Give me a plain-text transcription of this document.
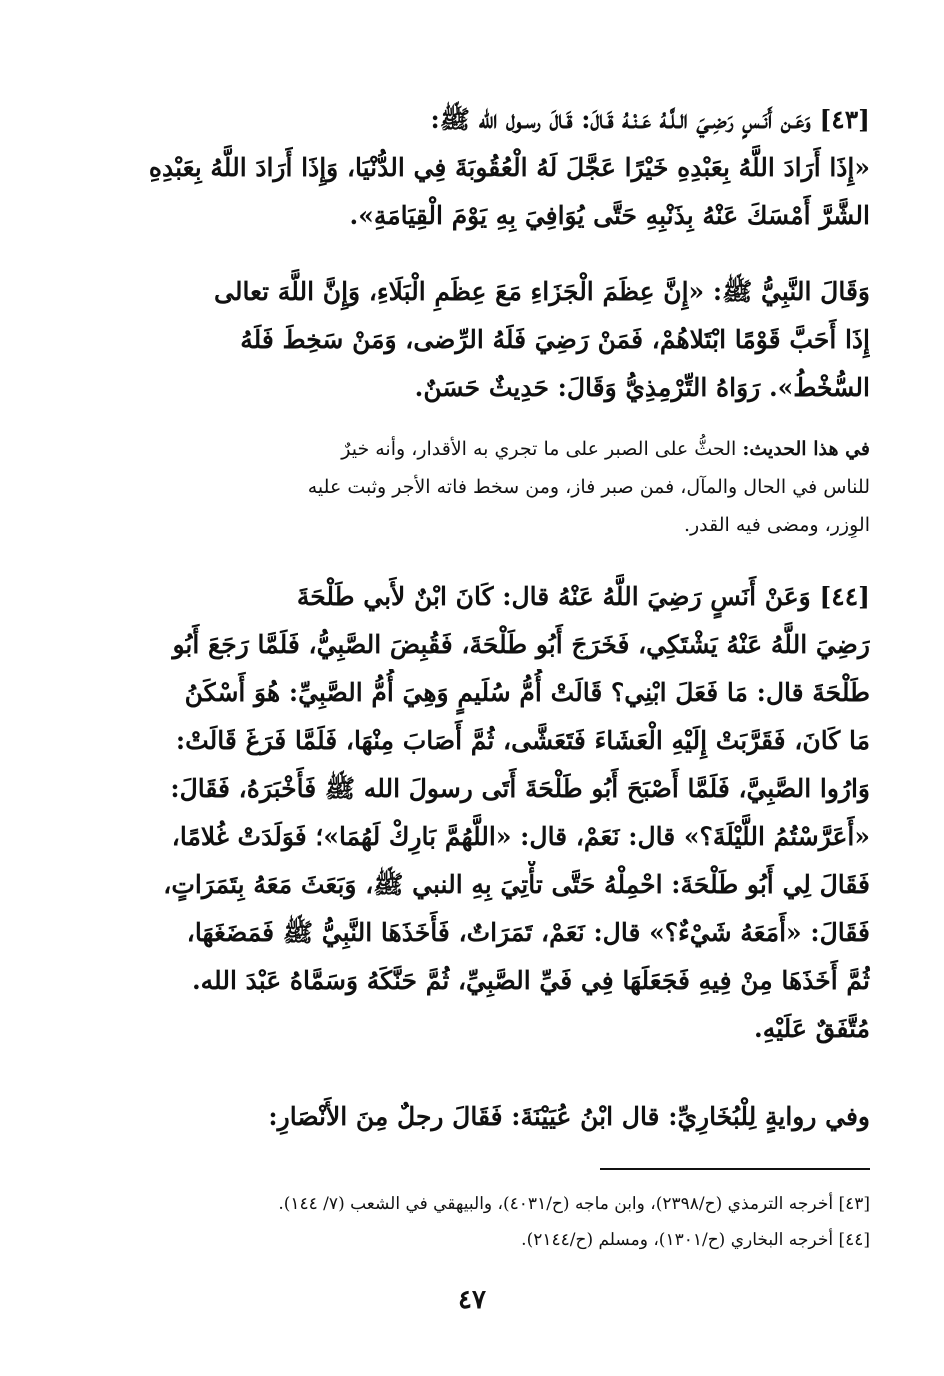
[٤٣] وَعَـن أَنَـسٍ رَضِـيَ الـلَّـهُ عَـنْـهُ قَـالَ: قَـالَ رسـول الله ﷺ:
«إِذَا أَرَادَ اللَّهُ بِعَبْدِهِ خَيْرًا عَجَّلَ لَهُ الْعُقُوبَةَ فِي الدُّنْيَا، وَإِذَا أَرَادَ اللَّهُ بِعَبْدِهِ
الشَّرَّ أَمْسَكَ عَنْهُ بِذَنْبِهِ حَتَّى يُوَافِيَ بِهِ يَوْمَ الْقِيَامَةِ».
وَقَالَ النَّبِيُّ ﷺ: «إِنَّ عِظَمَ الْجَزَاءِ مَعَ عِظَمِ الْبَلَاءِ، وَإِنَّ اللَّهَ تعالى
إِذَا أَحَبَّ قَوْمًا ابْتَلاهُمْ، فَمَنْ رَضِيَ فَلَهُ الرِّضى، وَمَنْ سَخِطَ فَلَهُ
السُّخْطُ». رَوَاهُ التِّرْمِذِيُّ وَقَالَ: حَدِيثٌ حَسَنٌ.
في هذا الحديث: الحثُّ على الصبر على ما تجري به الأقدار، وأنه خيرٌ
للناس في الحال والمآل، فمن صبر فاز، ومن سخط فاته الأجر وثبت عليه
الوِزر، ومضى فيه القدر.
[٤٤] وَعَنْ أَنَسٍ رَضِيَ اللَّهُ عَنْهُ قال: كَانَ ابْنٌ لأَبي طَلْحَةَ
رَضِيَ اللَّهُ عَنْهُ يَشْتَكِي، فَخَرَجَ أَبُو طَلْحَةَ، فَقُبِضَ الصَّبِيُّ، فَلَمَّا رَجَعَ أَبُو
طَلْحَةَ قال: مَا فَعَلَ ابْنِي؟ قَالَتْ أُمُّ سُلَيمٍ وَهِيَ أُمُّ الصَّبِيِّ: هُوَ أَسْكَنُ
مَا كَانَ، فَقَرَّبَتْ إِلَيْهِ الْعَشَاءَ فَتَعَشَّى، ثُمَّ أَصَابَ مِنْهَا، فَلَمَّا فَرَغَ قَالَتْ:
وَارُوا الصَّبِيَّ، فَلَمَّا أَصْبَحَ أَبُو طَلْحَةَ أَتَى رسولَ الله ﷺ فَأَخْبَرَهُ، فَقَالَ:
«أَعَرَّسْتُمُ اللَّيْلَةَ؟» قال: نَعَمْ، قال: «اللَّهُمَّ بَارِكْ لَهُمَا»؛ فَوَلَدَتْ غُلامًا،
فَقَالَ لِي أَبُو طَلْحَةَ: احْمِلْهُ حَتَّى تأْتِيَ بِهِ النبي ﷺ، وَبَعَثَ مَعَهُ بِتَمَرَاتٍ،
فَقَالَ: «أَمَعَهُ شَيْءٌ؟» قال: نَعَمْ، تَمَرَاتٌ، فَأَخَذَهَا النَّبِيُّ ﷺ فَمَضَغَهَا،
ثُمَّ أَخَذَهَا مِنْ فِيهِ فَجَعَلَهَا فِي فَيِّ الصَّبِيِّ، ثُمَّ حَنَّكَهُ وَسَمَّاهُ عَبْدَ الله.
مُتَّفَقٌ عَلَيْهِ.
وفي روايةٍ لِلْبُخَارِيِّ: قال ابْنُ عُيَيْنَةَ: فَقَالَ رجلٌ مِنَ الأَنْصَارِ:
[٤٣] أخرجه الترمذي (ح/٢٣٩٨)، وابن ماجه (ح/٤٠٣١)، والبيهقي في الشعب (٧/ ١٤٤).
[٤٤] أخرجه البخاري (ح/١٣٠١)، ومسلم (ح/٢١٤٤).
٤٧
